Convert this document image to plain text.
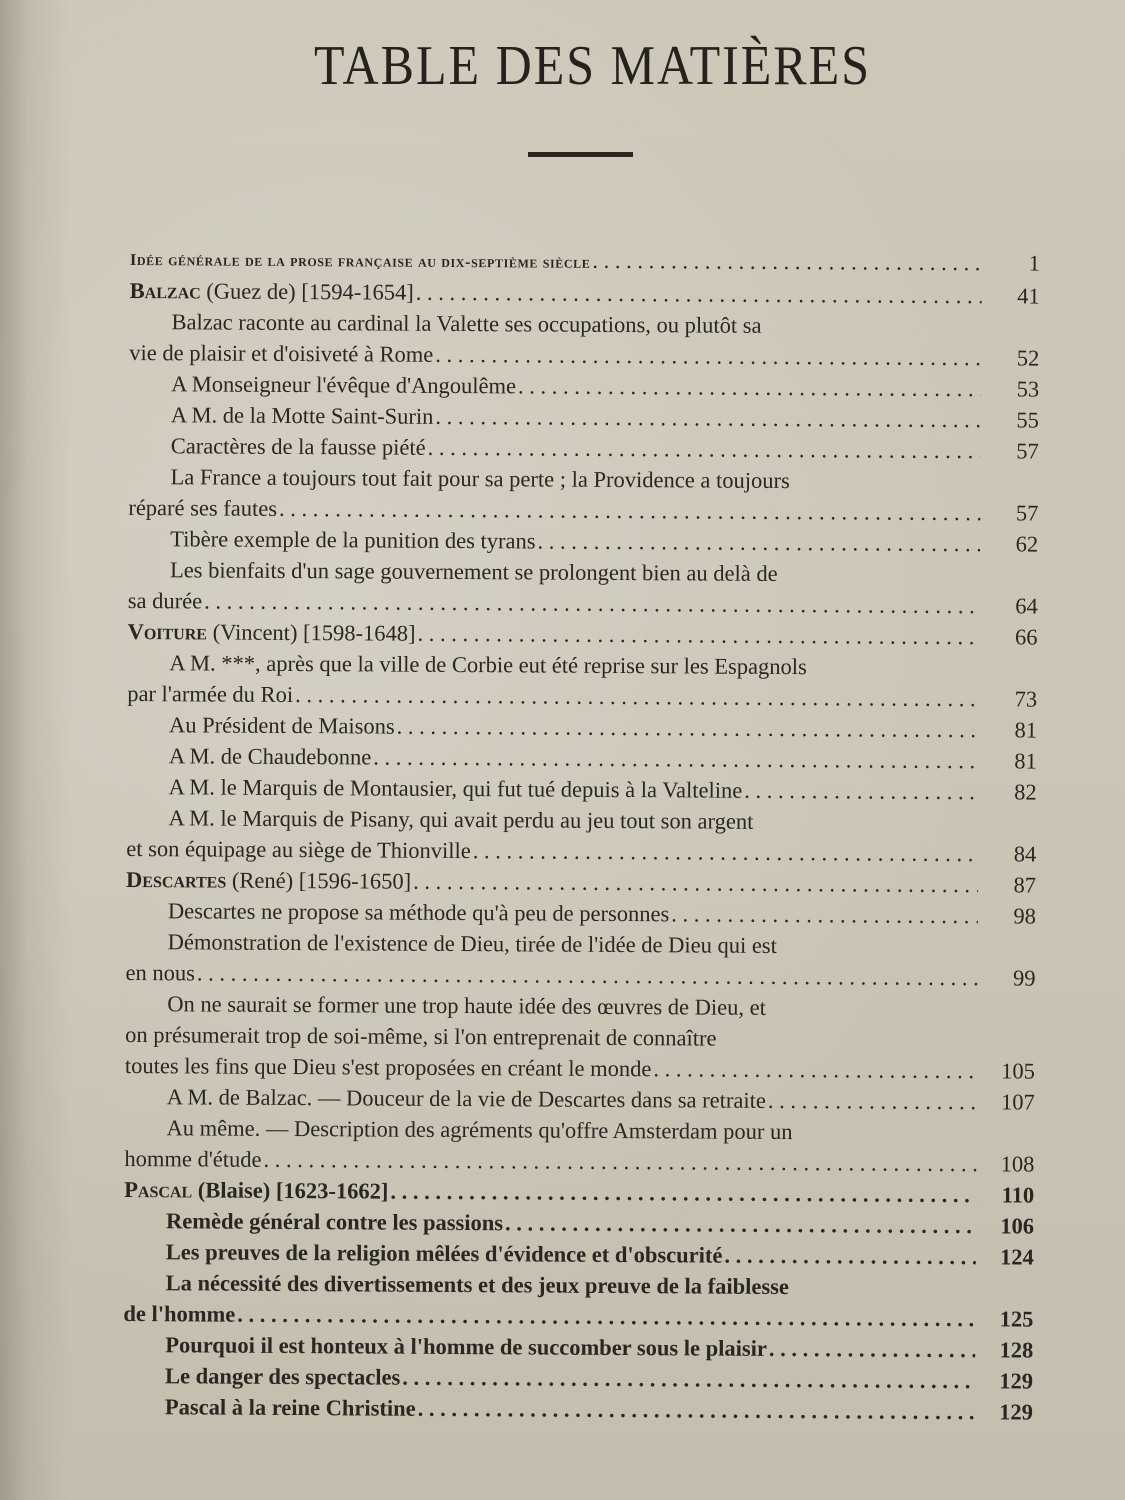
TABLE DES MATIÈRES
Idée générale de la prose française au dix-septième siècle . . .	1
Balzac (Guez de) [1594-1654] . . .	41
Balzac raconte au cardinal la Valette ses occupations, ou plutôt sa
vie de plaisir et d'oisiveté à Rome . . .	52
A Monseigneur l'évêque d'Angoulême . . .	53
A M. de la Motte Saint-Surin . . .	55
Caractères de la fausse piété . . .	57
La France a toujours tout fait pour sa perte ; la Providence a toujours
réparé ses fautes . . .	57
Tibère exemple de la punition des tyrans . . .	62
Les bienfaits d'un sage gouvernement se prolongent bien au delà de
sa durée . . .	64
Voiture (Vincent) [1598-1648] . . .	66
A M. ***, après que la ville de Corbie eut été reprise sur les Espagnols
par l'armée du Roi . . .	73
Au Président de Maisons . . .	81
A M. de Chaudebonne . . .	81
A M. le Marquis de Montausier, qui fut tué depuis à la Valteline . . .	82
A M. le Marquis de Pisany, qui avait perdu au jeu tout son argent
et son équipage au siège de Thionville . . .	84
Descartes (René) [1596-1650] . . .	87
Descartes ne propose sa méthode qu'à peu de personnes . . .	98
Démonstration de l'existence de Dieu, tirée de l'idée de Dieu qui est
en nous . . .	99
On ne saurait se former une trop haute idée des œuvres de Dieu, et
on présumerait trop de soi-même, si l'on entreprenait de connaître
toutes les fins que Dieu s'est proposées en créant le monde . . .	105
A M. de Balzac. — Douceur de la vie de Descartes dans sa retraite . . .	107
Au même. — Description des agréments qu'offre Amsterdam pour un
homme d'étude . . .	108
Pascal (Blaise) [1623-1662] . . .	110
Remède général contre les passions . . .	106
Les preuves de la religion mêlées d'évidence et d'obscurité . . .	124
La nécessité des divertissements et des jeux preuve de la faiblesse
de l'homme . . .	125
Pourquoi il est honteux à l'homme de succomber sous le plaisir . . .	128
Le danger des spectacles . . .	129
Pascal à la reine Christine . . .	129
